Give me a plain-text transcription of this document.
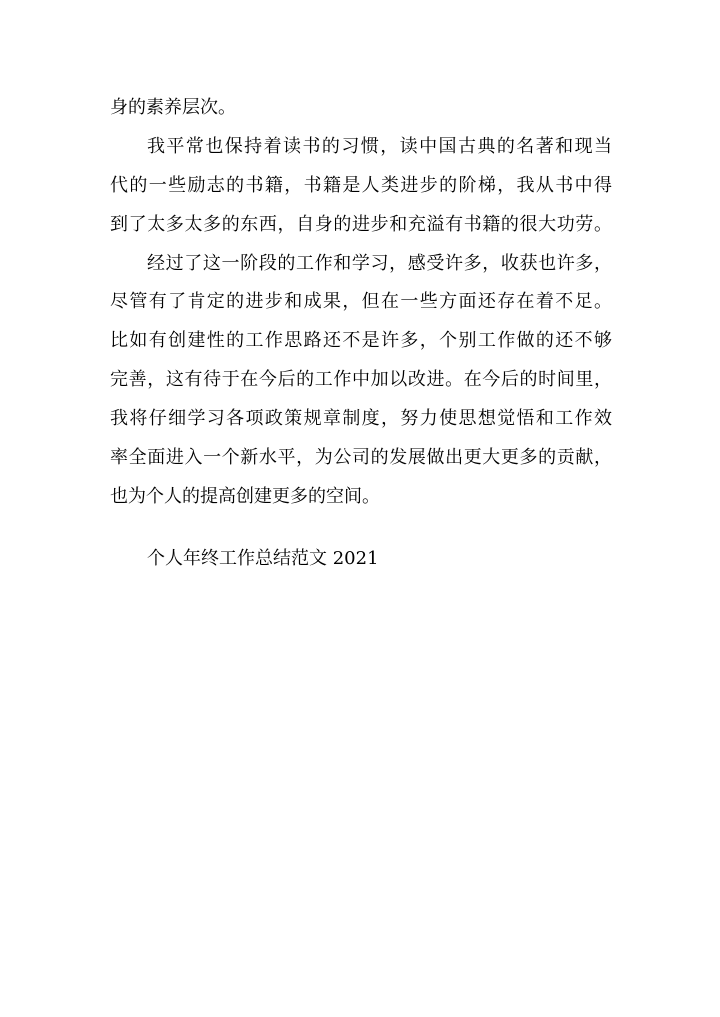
身的素养层次。
我平常也保持着读书的习惯，读中国古典的名著和现当
代的一些励志的书籍，书籍是人类进步的阶梯，我从书中得
到了太多太多的东西，自身的进步和充溢有书籍的很大功劳。
经过了这一阶段的工作和学习，感受许多，收获也许多，
尽管有了肯定的进步和成果，但在一些方面还存在着不足。
比如有创建性的工作思路还不是许多，个别工作做的还不够
完善，这有待于在今后的工作中加以改进。在今后的时间里，
我将仔细学习各项政策规章制度，努力使思想觉悟和工作效
率全面进入一个新水平，为公司的发展做出更大更多的贡献，
也为个人的提高创建更多的空间。
个人年终工作总结范文 2021
